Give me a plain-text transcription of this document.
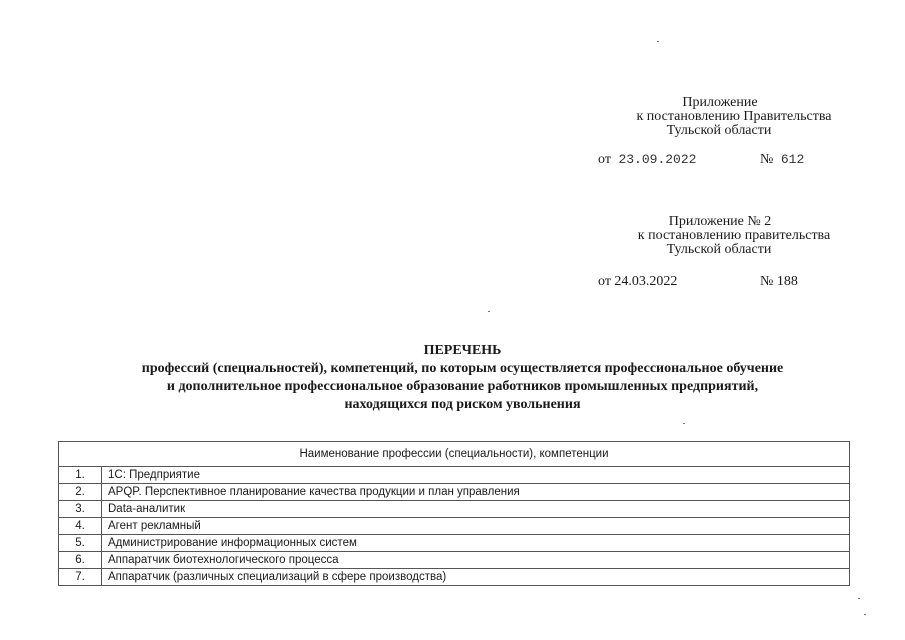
Приложение
к постановлению Правительства
Тульской области
от 23.09.2022	№ 612
Приложение № 2
к постановлению правительства
Тульской области
от 24.03.2022	№ 188
ПЕРЕЧЕНЬ
профессий (специальностей), компетенций, по которым осуществляется профессиональное обучение
и дополнительное профессиональное образование работников промышленных предприятий,
находящихся под риском увольнения
Наименование профессии (специальности), компетенции	
1.	1С: Предприятие
2.	APQP. Перспективное планирование качества продукции и план управления
3.	Data-аналитик
4.	Агент рекламный
5.	Администрирование информационных систем
6.	Аппаратчик биотехнологического процесса
7.	Аппаратчик (различных специализаций в сфере производства)
